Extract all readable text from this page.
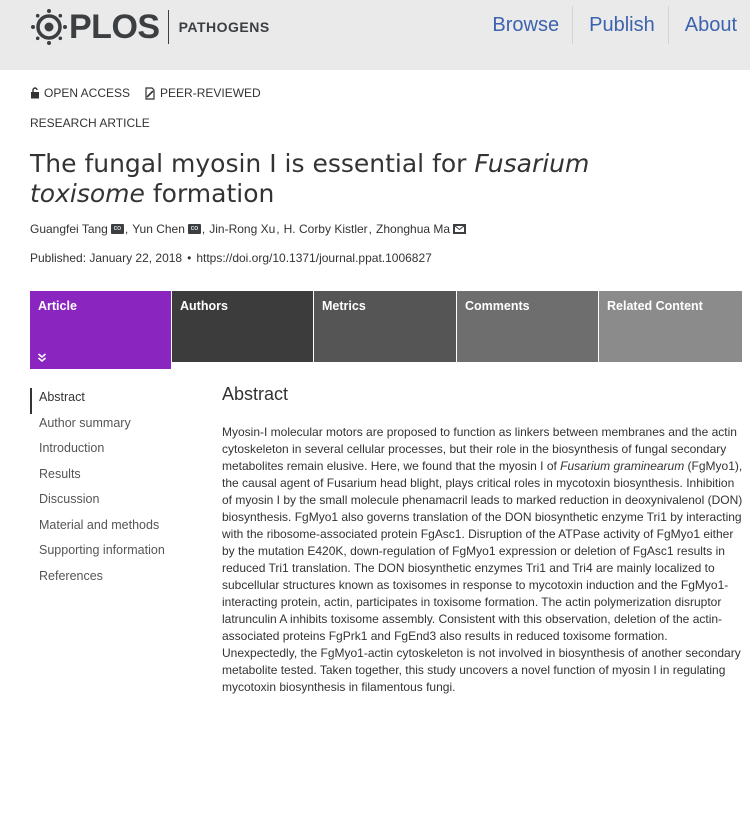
PLOS PATHOGENS	Browse	Publish	About
OPEN ACCESS	PEER-REVIEWED
RESEARCH ARTICLE
The fungal myosin I is essential for Fusarium toxisome formation
Guangfei Tang co , Yun Chen co , Jin-Rong Xu , H. Corby Kistler , Zhonghua Ma
Published: January 22, 2018 • https://doi.org/10.1371/journal.ppat.1006827
Article	Authors	Metrics	Comments	Related Content
Abstract
Author summary
Introduction
Results
Discussion
Material and methods
Supporting information
References
Abstract

Myosin-I molecular motors are proposed to function as linkers between membranes and the actin cytoskeleton in several cellular processes, but their role in the biosynthesis of fungal secondary metabolites remain elusive. Here, we found that the myosin I of Fusarium graminearum (FgMyo1), the causal agent of Fusarium head blight, plays critical roles in mycotoxin biosynthesis. Inhibition of myosin I by the small molecule phenamacril leads to marked reduction in deoxynivalenol (DON) biosynthesis. FgMyo1 also governs translation of the DON biosynthetic enzyme Tri1 by interacting with the ribosome-associated protein FgAsc1. Disruption of the ATPase activity of FgMyo1 either by the mutation E420K, down-regulation of FgMyo1 expression or deletion of FgAsc1 results in reduced Tri1 translation. The DON biosynthetic enzymes Tri1 and Tri4 are mainly localized to subcellular structures known as toxisomes in response to mycotoxin induction and the FgMyo1-interacting protein, actin, participates in toxisome formation. The actin polymerization disruptor latrunculin A inhibits toxisome assembly. Consistent with this observation, deletion of the actin-associated proteins FgPrk1 and FgEnd3 also results in reduced toxisome formation. Unexpectedly, the FgMyo1-actin cytoskeleton is not involved in biosynthesis of another secondary metabolite tested. Taken together, this study uncovers a novel function of myosin I in regulating mycotoxin biosynthesis in filamentous fungi.
